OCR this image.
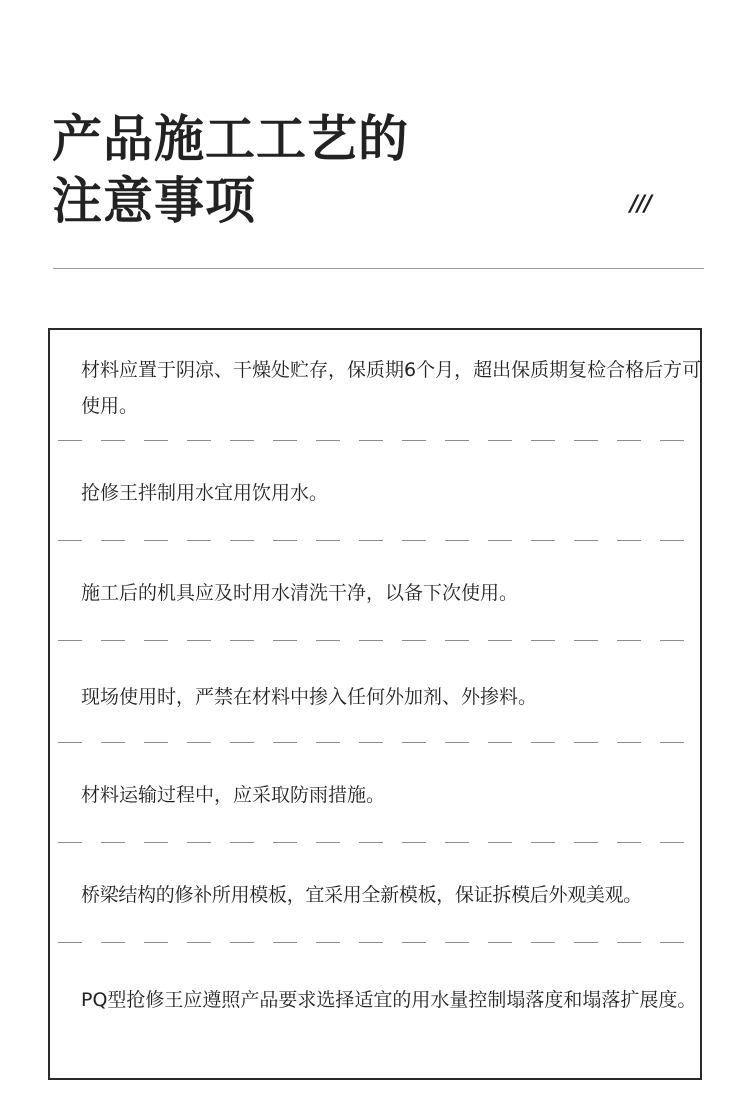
产品施工工艺的
注意事项	///
材料应置于阴凉、干燥处贮存，保质期6个月，超出保质期复检合格后方可使用。
抢修王拌制用水宜用饮用水。
施工后的机具应及时用水清洗干净，以备下次使用。
现场使用时，严禁在材料中掺入任何外加剂、外掺料。
材料运输过程中，应采取防雨措施。
桥梁结构的修补所用模板，宜采用全新模板，保证拆模后外观美观。
PQ型抢修王应遵照产品要求选择适宜的用水量控制塌落度和塌落扩展度。
